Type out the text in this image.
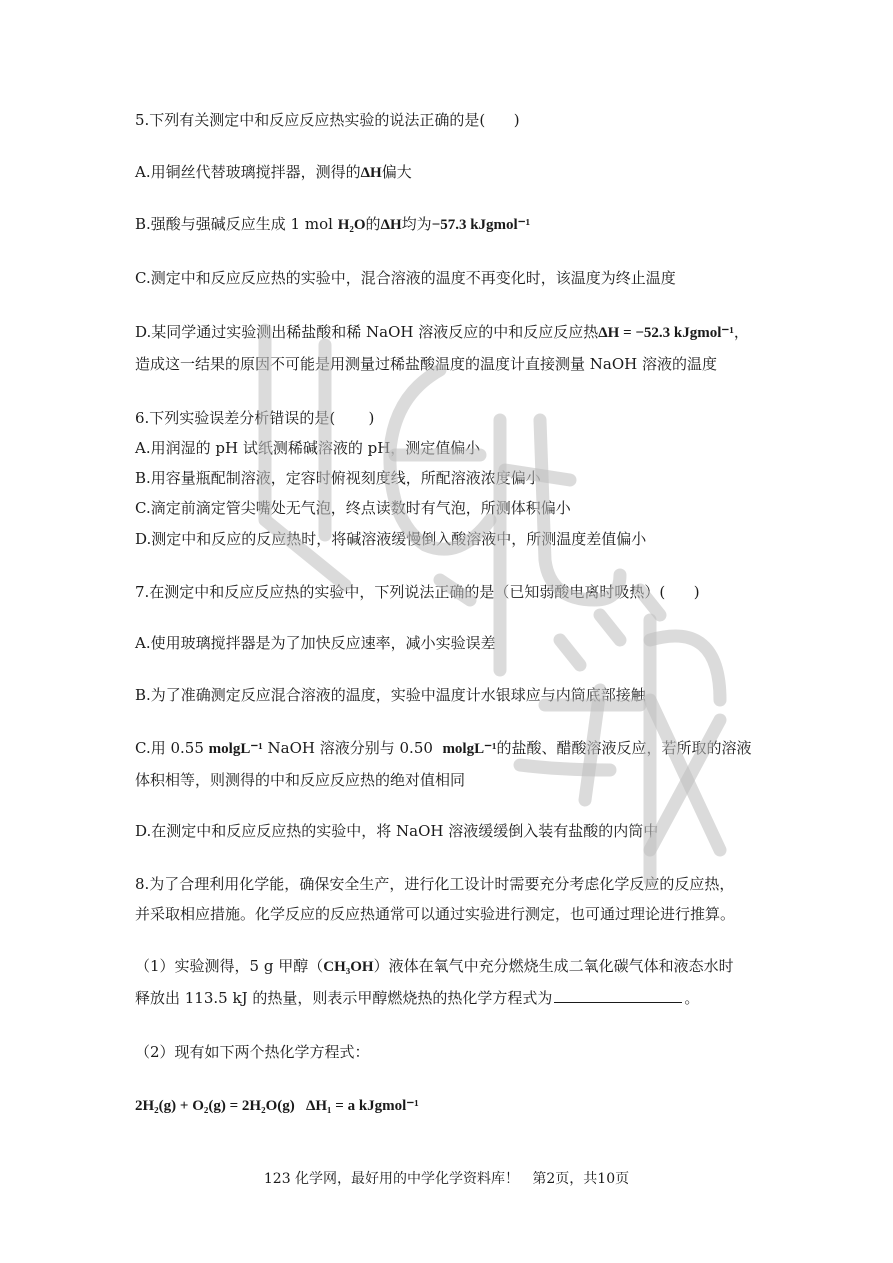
5.下列有关测定中和反应反应热实验的说法正确的是(      )
A.用铜丝代替玻璃搅拌器，测得的ΔH偏大
B.强酸与强碱反应生成 1 mol H₂O的ΔH均为−57.3 kJgmol⁻¹
C.测定中和反应反应热的实验中，混合溶液的温度不再变化时，该温度为终止温度
D.某同学通过实验测出稀盐酸和稀 NaOH 溶液反应的中和反应反应热ΔH = −52.3 kJgmol⁻¹，
造成这一结果的原因不可能是用测量过稀盐酸温度的温度计直接测量 NaOH 溶液的温度
6.下列实验误差分析错误的是(       )
A.用润湿的 pH 试纸测稀碱溶液的 pH，测定值偏小
B.用容量瓶配制溶液，定容时俯视刻度线，所配溶液浓度偏小
C.滴定前滴定管尖嘴处无气泡，终点读数时有气泡，所测体积偏小
D.测定中和反应的反应热时，将碱溶液缓慢倒入酸溶液中，所测温度差值偏小
7.在测定中和反应反应热的实验中，下列说法正确的是（已知弱酸电离时吸热）(      )
A.使用玻璃搅拌器是为了加快反应速率，减小实验误差
B.为了准确测定反应混合溶液的温度，实验中温度计水银球应与内筒底部接触
C.用 0.55 molgL⁻¹ NaOH 溶液分别与 0.50  molgL⁻¹的盐酸、醋酸溶液反应，若所取的溶液
体积相等，则测得的中和反应反应热的绝对值相同
D.在测定中和反应反应热的实验中，将 NaOH 溶液缓缓倒入装有盐酸的内筒中
8.为了合理利用化学能，确保安全生产，进行化工设计时需要充分考虑化学反应的反应热，
并采取相应措施。化学反应的反应热通常可以通过实验进行测定，也可通过理论进行推算。
（1）实验测得，5 g 甲醇（CH₃OH）液体在氧气中充分燃烧生成二氧化碳气体和液态水时
释放出 113.5 kJ 的热量，则表示甲醇燃烧热的热化学方程式为	。
（2）现有如下两个热化学方程式：
2H₂(g) + O₂(g) = 2H₂O(g)   ΔH₁ = a kJgmol⁻¹
123 化学网，最好用的中学化学资料库！   第2页，共10页
